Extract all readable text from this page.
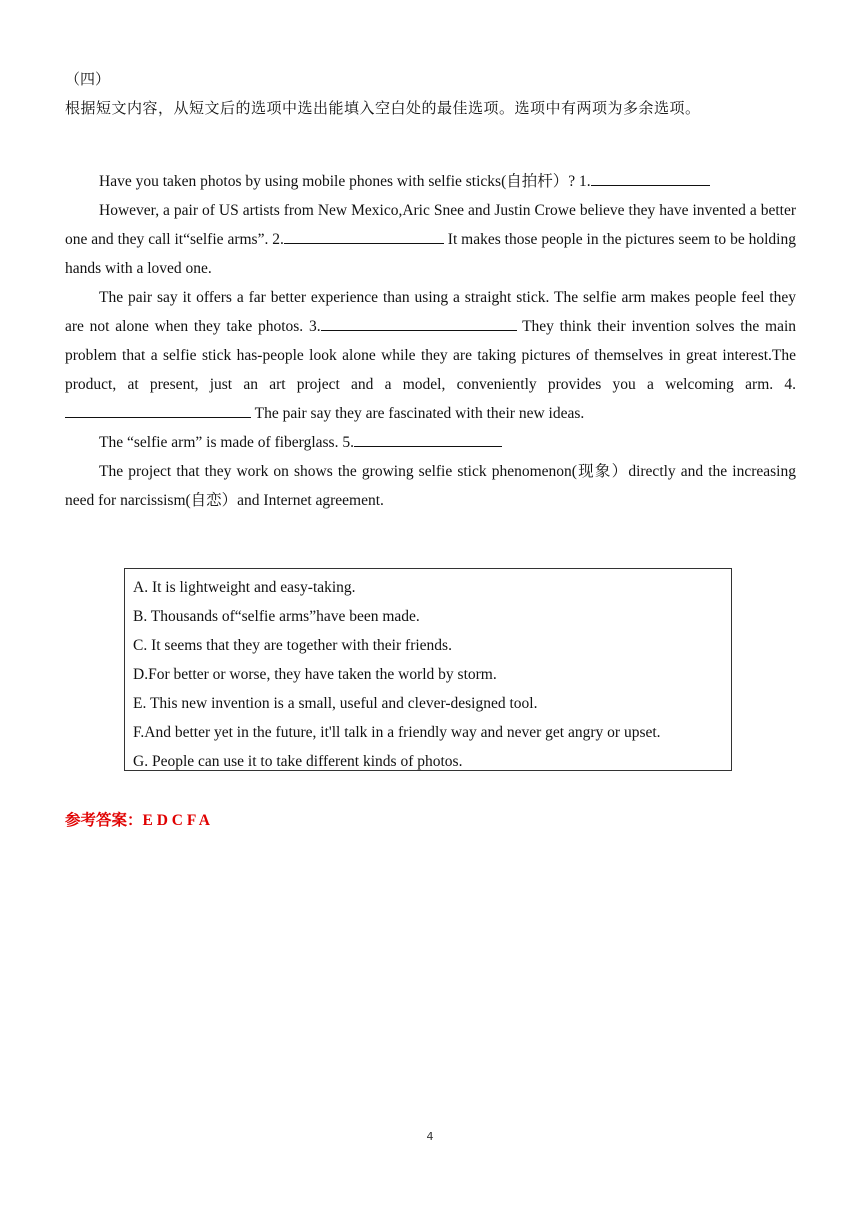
（四）
根据短文内容，从短文后的选项中选出能填入空白处的最佳选项。选项中有两项为多余选项。

Have you taken photos by using mobile phones with selfie sticks(自拍杆）? 1.

However, a pair of US artists from New Mexico,Aric Snee and Justin Crowe believe they have invented a better one and they call it“selfie arms”. 2.	It makes those people in the pictures seem to be holding hands with a loved one.

The pair say it offers a far better experience than using a straight stick. The selfie arm makes people feel they are not alone when they take photos. 3.	They think their invention solves the main problem that a selfie stick has-people look alone while they are taking pictures of themselves in great interest.The product, at present, just an art project and a model, conveniently provides you a welcoming arm. 4. The pair say they are fascinated with their new ideas.

The “selfie arm” is made of fiberglass. 5.

The project that they work on shows the growing selfie stick phenomenon(现象）directly and the increasing need for narcissism(自恋）and Internet agreement.

A. It is lightweight and easy-taking.
B. Thousands of“selfie arms”have been made.
C. It seems that they are together with their friends.
D.For better or worse, they have taken the world by storm.
E. This new invention is a small, useful and clever-designed tool.
F.And better yet in the future, it'll talk in a friendly way and never get angry or upset.
G. People can use it to take different kinds of photos.
参考答案：E D C F A
4
